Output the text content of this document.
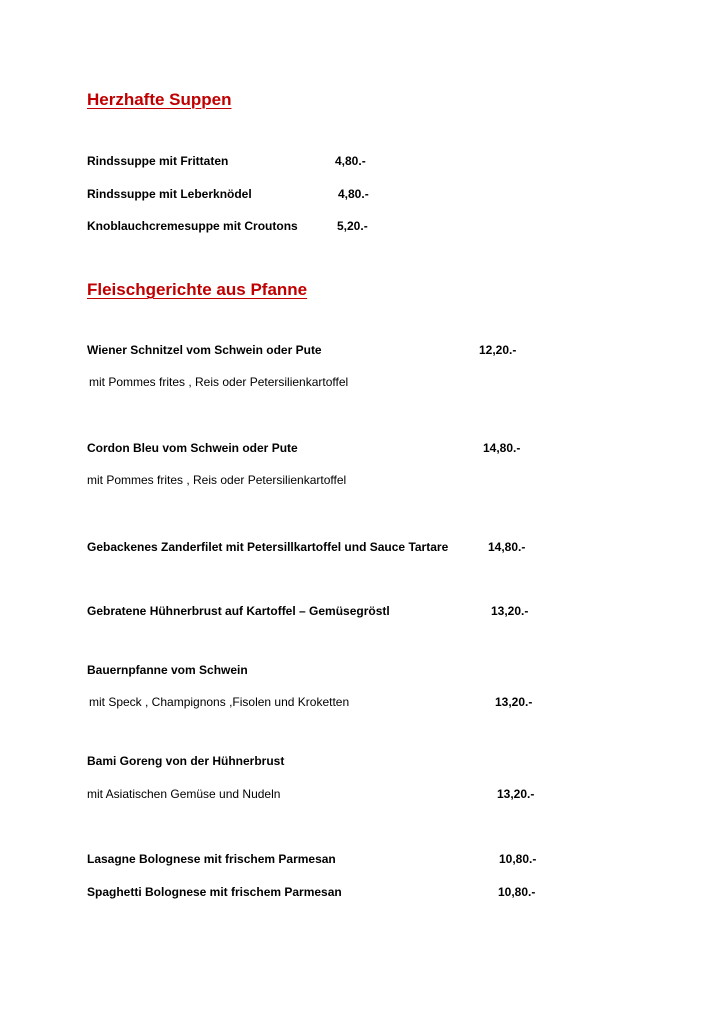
Herzhafte Suppen
Rindssuppe mit Frittaten	4,80.-
Rindssuppe mit Leberknödel	4,80.-
Knoblauchcremesuppe mit Croutons	5,20.-
Fleischgerichte aus Pfanne
Wiener Schnitzel vom Schwein oder Pute	12,20.-
mit Pommes frites , Reis oder Petersilienkartoffel
Cordon Bleu vom Schwein oder Pute	14,80.-
mit Pommes frites , Reis oder Petersilienkartoffel
Gebackenes Zanderfilet mit Petersillkartoffel und Sauce Tartare	14,80.-
Gebratene Hühnerbrust auf Kartoffel – Gemüsegröstl	13,20.-
Bauernpfanne vom Schwein
mit Speck , Champignons ,Fisolen und Kroketten	13,20.-
Bami Goreng von der Hühnerbrust
mit Asiatischen Gemüse und Nudeln	13,20.-
Lasagne Bolognese mit frischem Parmesan	10,80.-
Spaghetti Bolognese mit frischem Parmesan	10,80.-
